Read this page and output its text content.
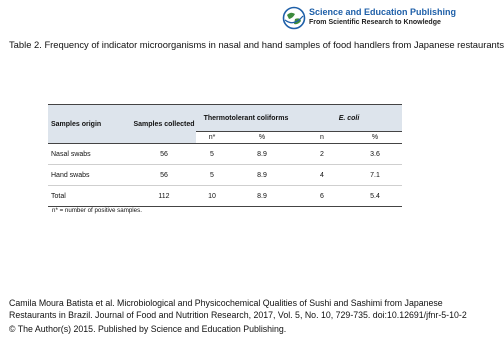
Science and Education Publishing
From Scientific Research to Knowledge
Table 2. Frequency of indicator microorganisms in nasal and hand samples of food handlers from Japanese restaurants
Samples origin	Samples collected	Thermotolerant coliforms		E. coli	
		n*	%	n	%
Nasal swabs	56	5	8.9	2	3.6
Hand swabs	56	5	8.9	4	7.1
Total	112	10	8.9	6	5.4
n* = number of positive samples.
Camila Moura Batista et al. Microbiological and Physicochemical Qualities of Sushi and Sashimi from Japanese
Restaurants in Brazil. Journal of Food and Nutrition Research, 2017, Vol. 5, No. 10, 729-735. doi:10.12691/jfnr-5-10-2
© The Author(s) 2015. Published by Science and Education Publishing.
